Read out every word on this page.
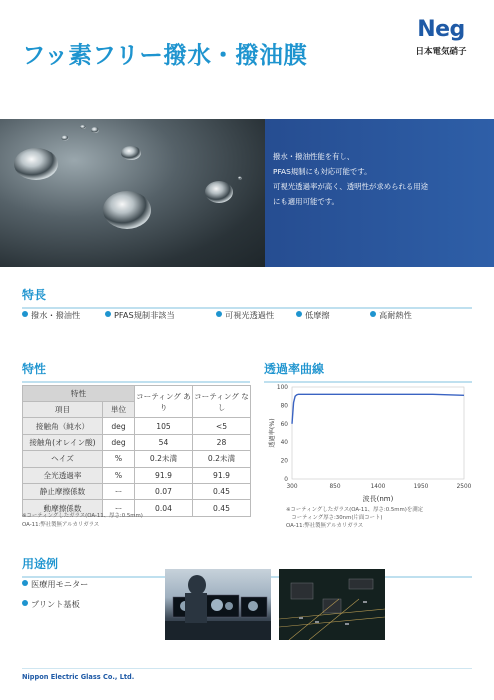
フッ素フリー撥水・撥油膜
Neg
日本電気硝子
撥水・撥油性能を有し、
PFAS規制にも対応可能です。
可視光透過率が高く、透明性が求められる用途
にも適用可能です。
特長
撥水・撥油性	PFAS規制非該当	可視光透過性	低摩擦	高耐熱性
特性
特性		コーティング あり	コーティング なし
項目	単位		
接触角（純水）	deg	105	<5
接触角(オレイン酸)	deg	54	28
ヘイズ	%	0.2未満	0.2未満
全光透過率	%	91.9	91.9
静止摩擦係数	ー	0.07	0.45
動摩擦係数	ー	0.04	0.45
※コーティングしたガラス(OA-11、厚さ:0.5mm)
OA-11:弊社製無アルカリガラス
透過率曲線
0
20
40
60
80
100
300	850	1400	1950	2500
透過率(%)
波長(nm)
※コーティングしたガラス(OA-11、厚さ:0.5mm)を測定
　コーティング厚さ:30nm(片面コート)
OA-11:弊社製無アルカリガラス
用途例
医療用モニター
プリント基板
Nippon Electric Glass Co., Ltd.
